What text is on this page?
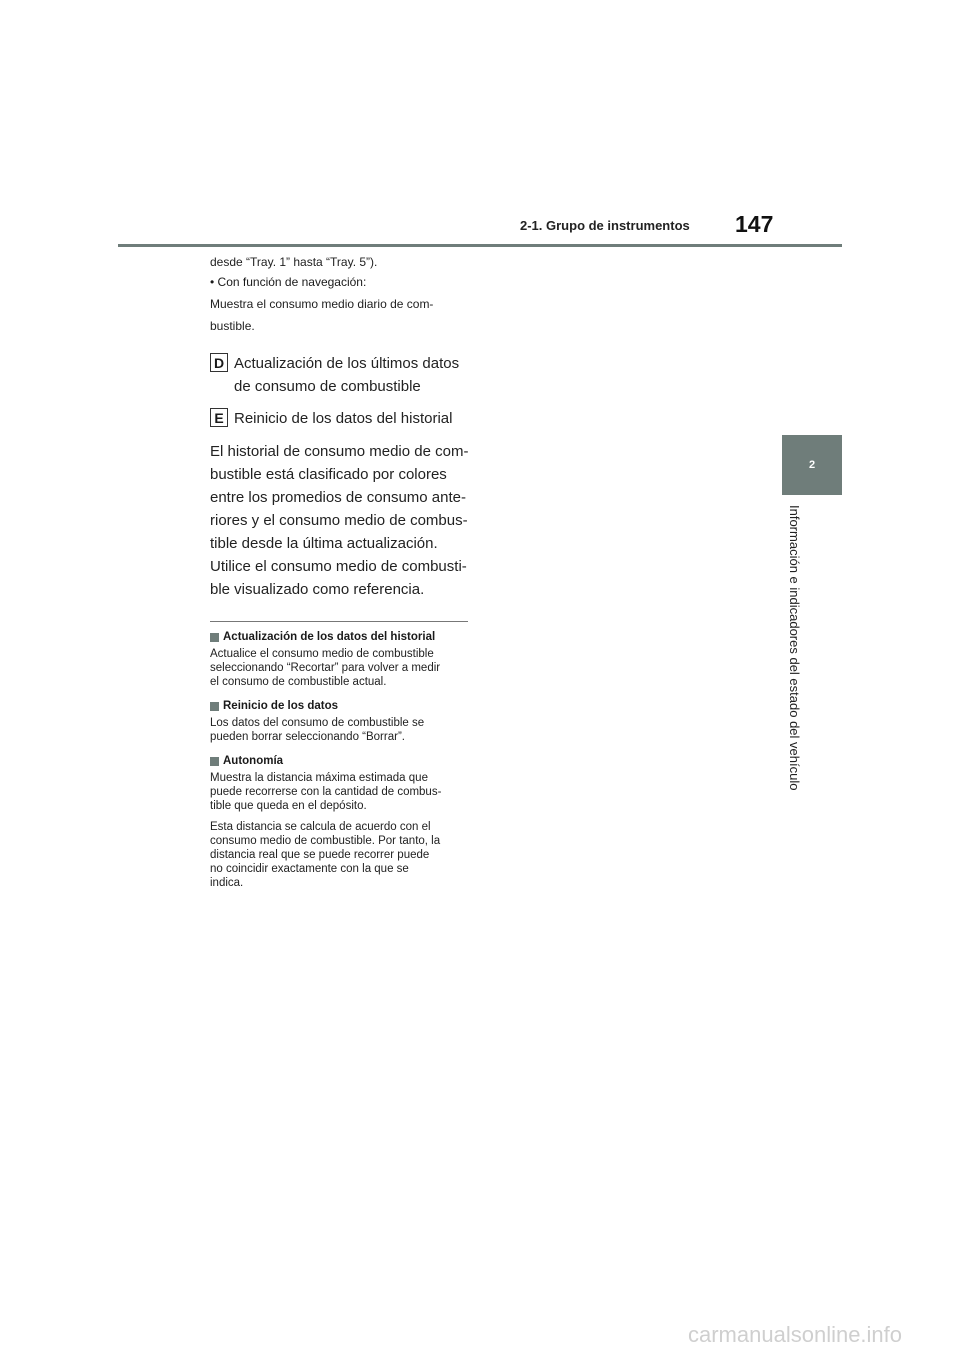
2-1. Grupo de instrumentos 147
2
Información e indicadores del estado del vehículo

desde “Tray. 1” hasta “Tray. 5”).

• Con función de navegación:

Muestra el consumo medio diario de com-

bustible.

D Actualización de los últimos datos

de consumo de combustible

E Reinicio de los datos del historial

El historial de consumo medio de com-

bustible está clasificado por colores

entre los promedios de consumo ante-

riores y el consumo medio de combus-

tible desde la última actualización.

Utilice el consumo medio de combusti-

ble visualizado como referencia.

Actualización de los datos del historial

Actualice el consumo medio de combustible

seleccionando “Recortar” para volver a medir

el consumo de combustible actual.

Reinicio de los datos

Los datos del consumo de combustible se

pueden borrar seleccionando “Borrar”.

Autonomía

Muestra la distancia máxima estimada que

puede recorrerse con la cantidad de combus-

tible que queda en el depósito.

Esta distancia se calcula de acuerdo con el

consumo medio de combustible. Por tanto, la

distancia real que se puede recorrer puede

no coincidir exactamente con la que se

indica.

carmanualsonline.info
